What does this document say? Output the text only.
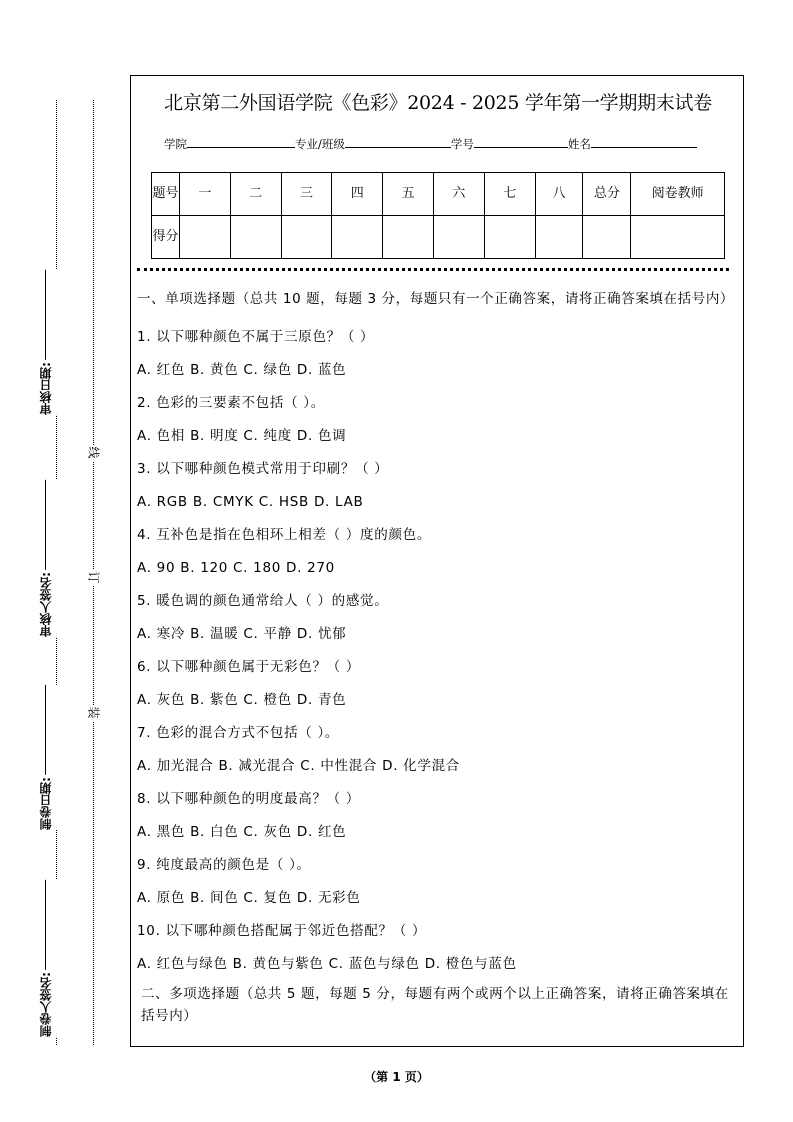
审核日期:
审核人签名:
制卷日期:
制卷人签名:
线
订
装
北京第二外国语学院《色彩》2024 - 2025 学年第一学期期末试卷
学院	专业/班级	学号	姓名
题号	一	二	三	四	五	六	七	八	总分	阅卷教师
得分										
一、单项选择题（总共 10 题，每题 3 分，每题只有一个正确答案，请将正确答案填在括号内）
1. 以下哪种颜色不属于三原色？（ ）
A. 红色 B. 黄色 C. 绿色 D. 蓝色
2. 色彩的三要素不包括（ ）。
A. 色相 B. 明度 C. 纯度 D. 色调
3. 以下哪种颜色模式常用于印刷？（ ）
A. RGB B. CMYK C. HSB D. LAB
4. 互补色是指在色相环上相差（ ）度的颜色。
A. 90 B. 120 C. 180 D. 270
5. 暖色调的颜色通常给人（ ）的感觉。
A. 寒冷 B. 温暖 C. 平静 D. 忧郁
6. 以下哪种颜色属于无彩色？（ ）
A. 灰色 B. 紫色 C. 橙色 D. 青色
7. 色彩的混合方式不包括（ ）。
A. 加光混合 B. 减光混合 C. 中性混合 D. 化学混合
8. 以下哪种颜色的明度最高？（ ）
A. 黑色 B. 白色 C. 灰色 D. 红色
9. 纯度最高的颜色是（ ）。
A. 原色 B. 间色 C. 复色 D. 无彩色
10. 以下哪种颜色搭配属于邻近色搭配？（ ）
A. 红色与绿色 B. 黄色与紫色 C. 蓝色与绿色 D. 橙色与蓝色
二、多项选择题（总共 5 题，每题 5 分，每题有两个或两个以上正确答案，请将正确答案填在括号内）
（第 1 页）
